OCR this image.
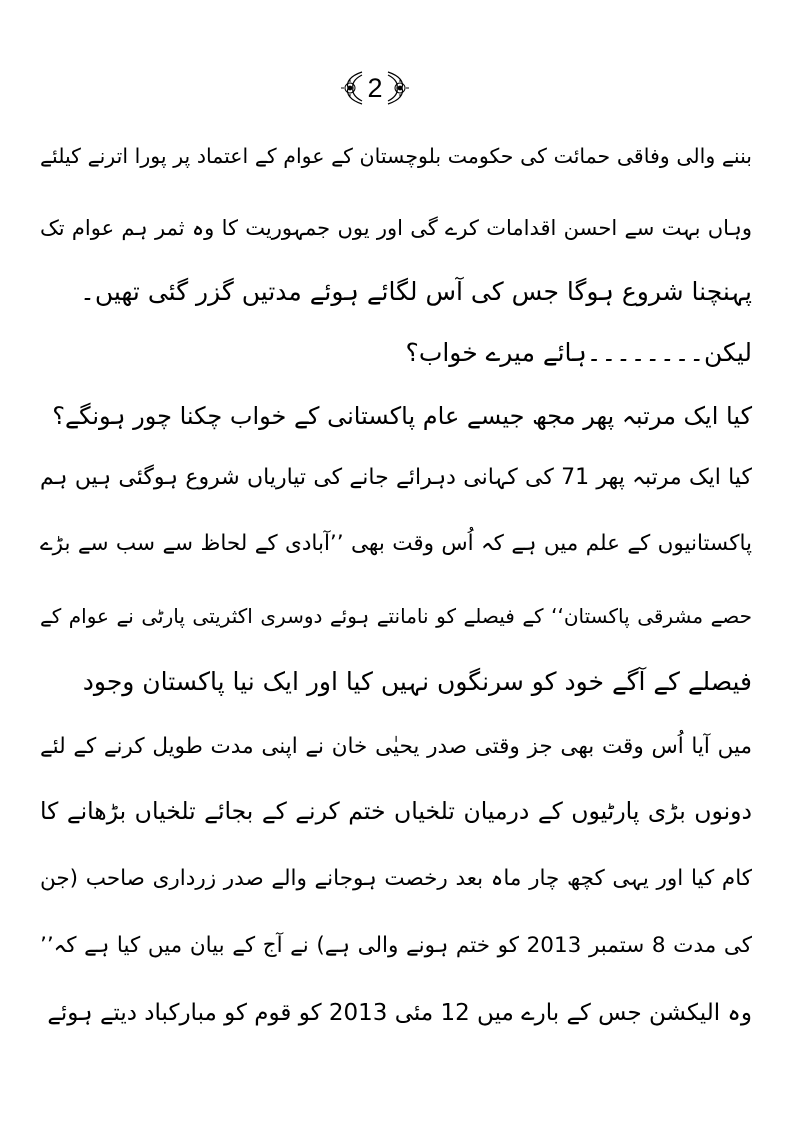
2
بننے والی وفاقی حمائت کی حکومت بلوچستان کے عوام کے اعتماد پر پورا اترنے کیلئے
وہاں بہت سے احسن اقدامات کرے گی اور یوں جمہوریت کا وہ ثمر ہم عوام تک
پہنچنا شروع ہوگا جس کی آس لگائے ہوئے مدتیں گزر گئی تھیں۔
لیکن۔۔۔۔۔۔۔۔ہائے میرے خواب؟
کیا ایک مرتبہ پھر مجھ جیسے عام پاکستانی کے خواب چکنا چور ہونگے؟
کیا ایک مرتبہ پھر 71 کی کہانی دہرائے جانے کی تیاریاں شروع ہوگئی ہیں ہم
پاکستانیوں کے علم میں ہے کہ اُس وقت بھی ’’آبادی کے لحاظ سے سب سے بڑے
حصے مشرقی پاکستان‘‘ کے فیصلے کو نامانتے ہوئے دوسری اکثریتی پارٹی نے عوام کے
فیصلے کے آگے خود کو سرنگوں نہیں کیا اور ایک نیا پاکستان وجود
میں آیا اُس وقت بھی جز وقتی صدر یحیٰی خان نے اپنی مدت طویل کرنے کے لئے
دونوں بڑی پارٹیوں کے درمیان تلخیاں ختم کرنے کے بجائے تلخیاں بڑھانے کا
کام کیا اور یہی کچھ چار ماہ بعد رخصت ہوجانے والے صدر زرداری صاحب (جن
کی مدت 8 ستمبر 2013 کو ختم ہونے والی ہے) نے آج کے بیان میں کیا ہے کہ’’
وہ الیکشن جس کے بارے میں 12 مئی 2013 کو قوم کو مبارکباد دیتے ہوئے
